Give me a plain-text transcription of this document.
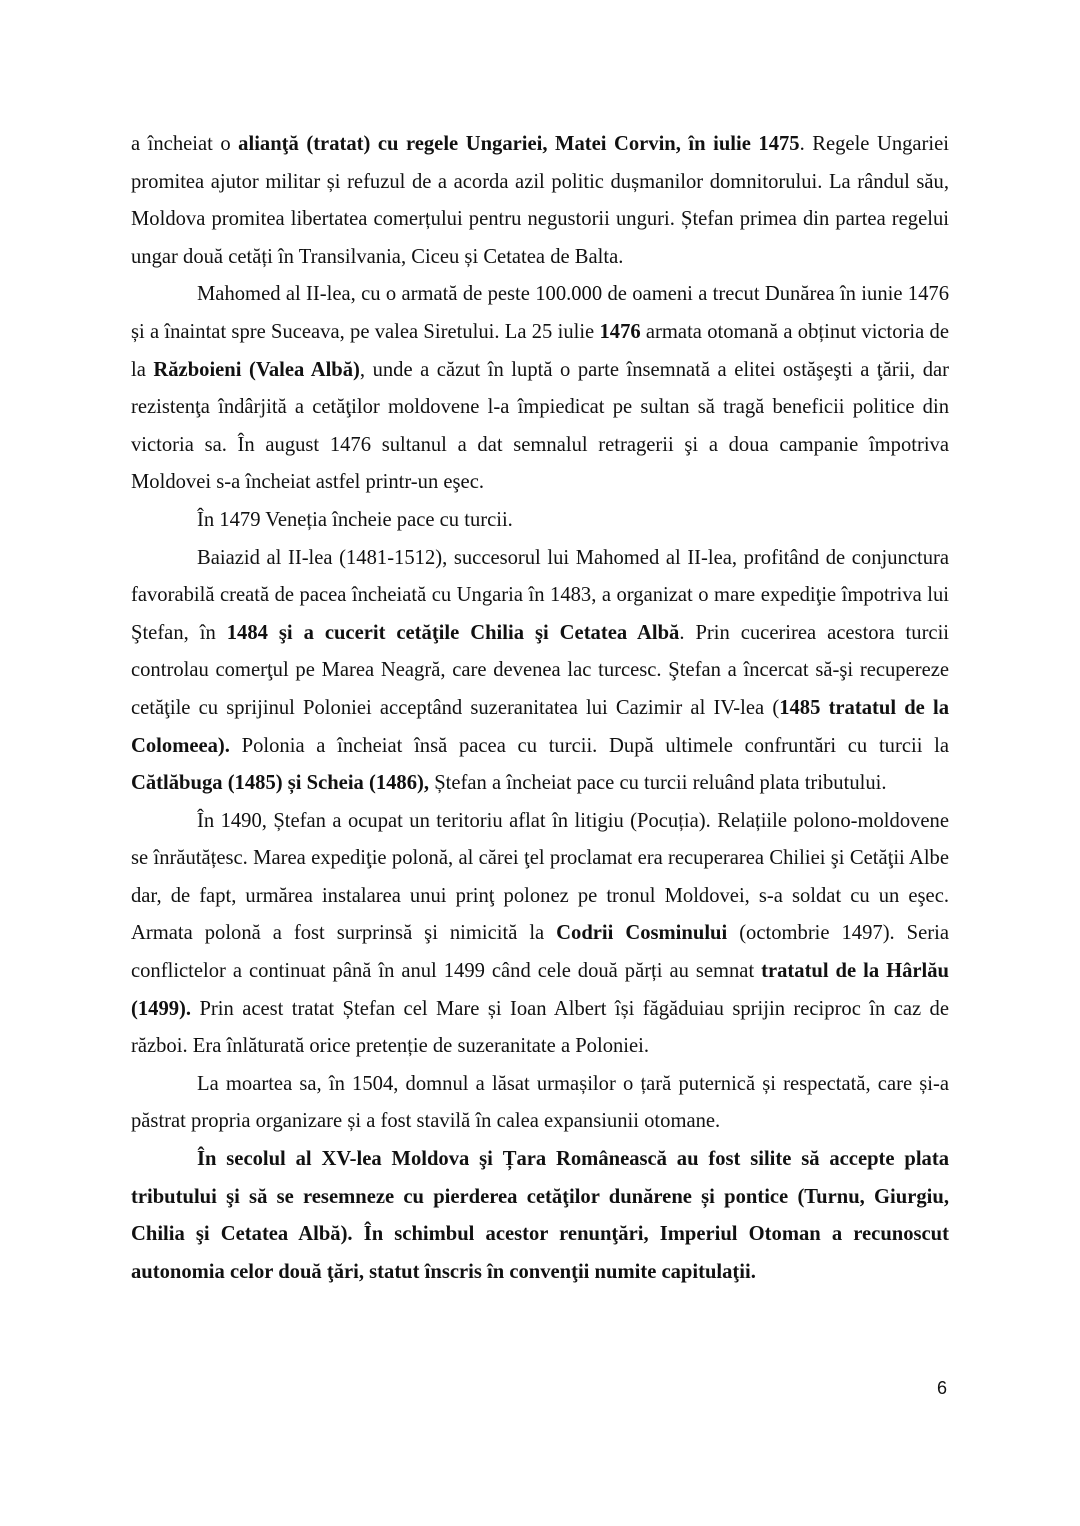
a încheiat o alianţă (tratat) cu regele Ungariei, Matei Corvin, în iulie 1475. Regele Ungariei promitea ajutor militar și refuzul de a acorda azil politic dușmanilor domnitorului. La rândul său, Moldova promitea libertatea comerțului pentru negustorii unguri. Ștefan primea din partea regelui ungar două cetăți în Transilvania, Ciceu și Cetatea de Balta.

Mahomed al II-lea, cu o armată de peste 100.000 de oameni a trecut Dunărea în iunie 1476 și a înaintat spre Suceava, pe valea Siretului. La 25 iulie 1476 armata otomană a obținut victoria de la Războieni (Valea Albă), unde a căzut în luptă o parte însemnată a elitei ostăşeşti a ţării, dar rezistenţa îndârjită a cetăţilor moldovene l-a împiedicat pe sultan să tragă beneficii politice din victoria sa. În august 1476 sultanul a dat semnalul retragerii şi a doua campanie împotriva Moldovei s-a încheiat astfel printr-un eşec.

În 1479 Veneția încheie pace cu turcii.

Baiazid al II-lea (1481-1512), succesorul lui Mahomed al II-lea, profitând de conjunctura favorabilă creată de pacea încheiată cu Ungaria în 1483, a organizat o mare expediţie împotriva lui Ştefan, în 1484 şi a cucerit cetăţile Chilia şi Cetatea Albă. Prin cucerirea acestora turcii controlau comerţul pe Marea Neagră, care devenea lac turcesc. Ştefan a încercat să-şi recupereze cetăţile cu sprijinul Poloniei acceptând suzeranitatea lui Cazimir al IV-lea (1485 tratatul de la Colomeea). Polonia a încheiat însă pacea cu turcii. După ultimele confruntări cu turcii la Cătlăbuga (1485) și Scheia (1486), Ștefan a încheiat pace cu turcii reluând plata tributului.

În 1490, Ștefan a ocupat un teritoriu aflat în litigiu (Pocuția). Relațiile polono-moldovene se înrăutățesc. Marea expediţie polonă, al cărei ţel proclamat era recuperarea Chiliei şi Cetăţii Albe dar, de fapt, urmărea instalarea unui prinţ polonez pe tronul Moldovei, s-a soldat cu un eşec. Armata polonă a fost surprinsă şi nimicită la Codrii Cosminului (octombrie 1497). Seria conflictelor a continuat până în anul 1499 când cele două părți au semnat tratatul de la Hârlău (1499). Prin acest tratat Ștefan cel Mare și Ioan Albert își făgăduiau sprijin reciproc în caz de război. Era înlăturată orice pretenție de suzeranitate a Poloniei.

La moartea sa, în 1504, domnul a lăsat urmașilor o țară puternică și respectată, care și-a păstrat propria organizare și a fost stavilă în calea expansiunii otomane.

În secolul al XV-lea Moldova şi Țara Românească au fost silite să accepte plata tributului şi să se resemneze cu pierderea cetăţilor dunărene și pontice (Turnu, Giurgiu, Chilia şi Cetatea Albă). În schimbul acestor renunţări, Imperiul Otoman a recunoscut autonomia celor două ţări, statut înscris în convenţii numite capitulaţii.

6
